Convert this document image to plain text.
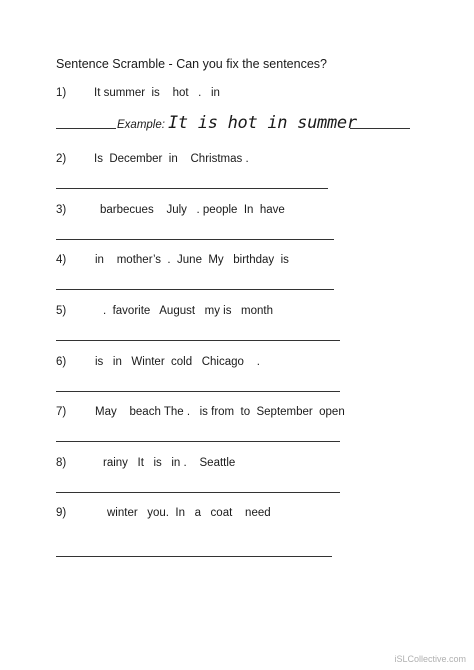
Sentence Scramble - Can you fix the sentences?
1) It summer  is    hot   .   in
Example: It is hot in summer
2) Is  December  in    Christmas .
3)	barbecues    July   . people  In  have
4)	in    mother’s  .  June  My   birthday  is
5)	.  favorite   August   my is   month
6)	is   in   Winter  cold   Chicago    .
7)	May    beach The .   is from  to  September  open
8)	rainy   It   is   in .    Seattle
9)	winter   you.  In   a   coat    need
iSLCollective.com
